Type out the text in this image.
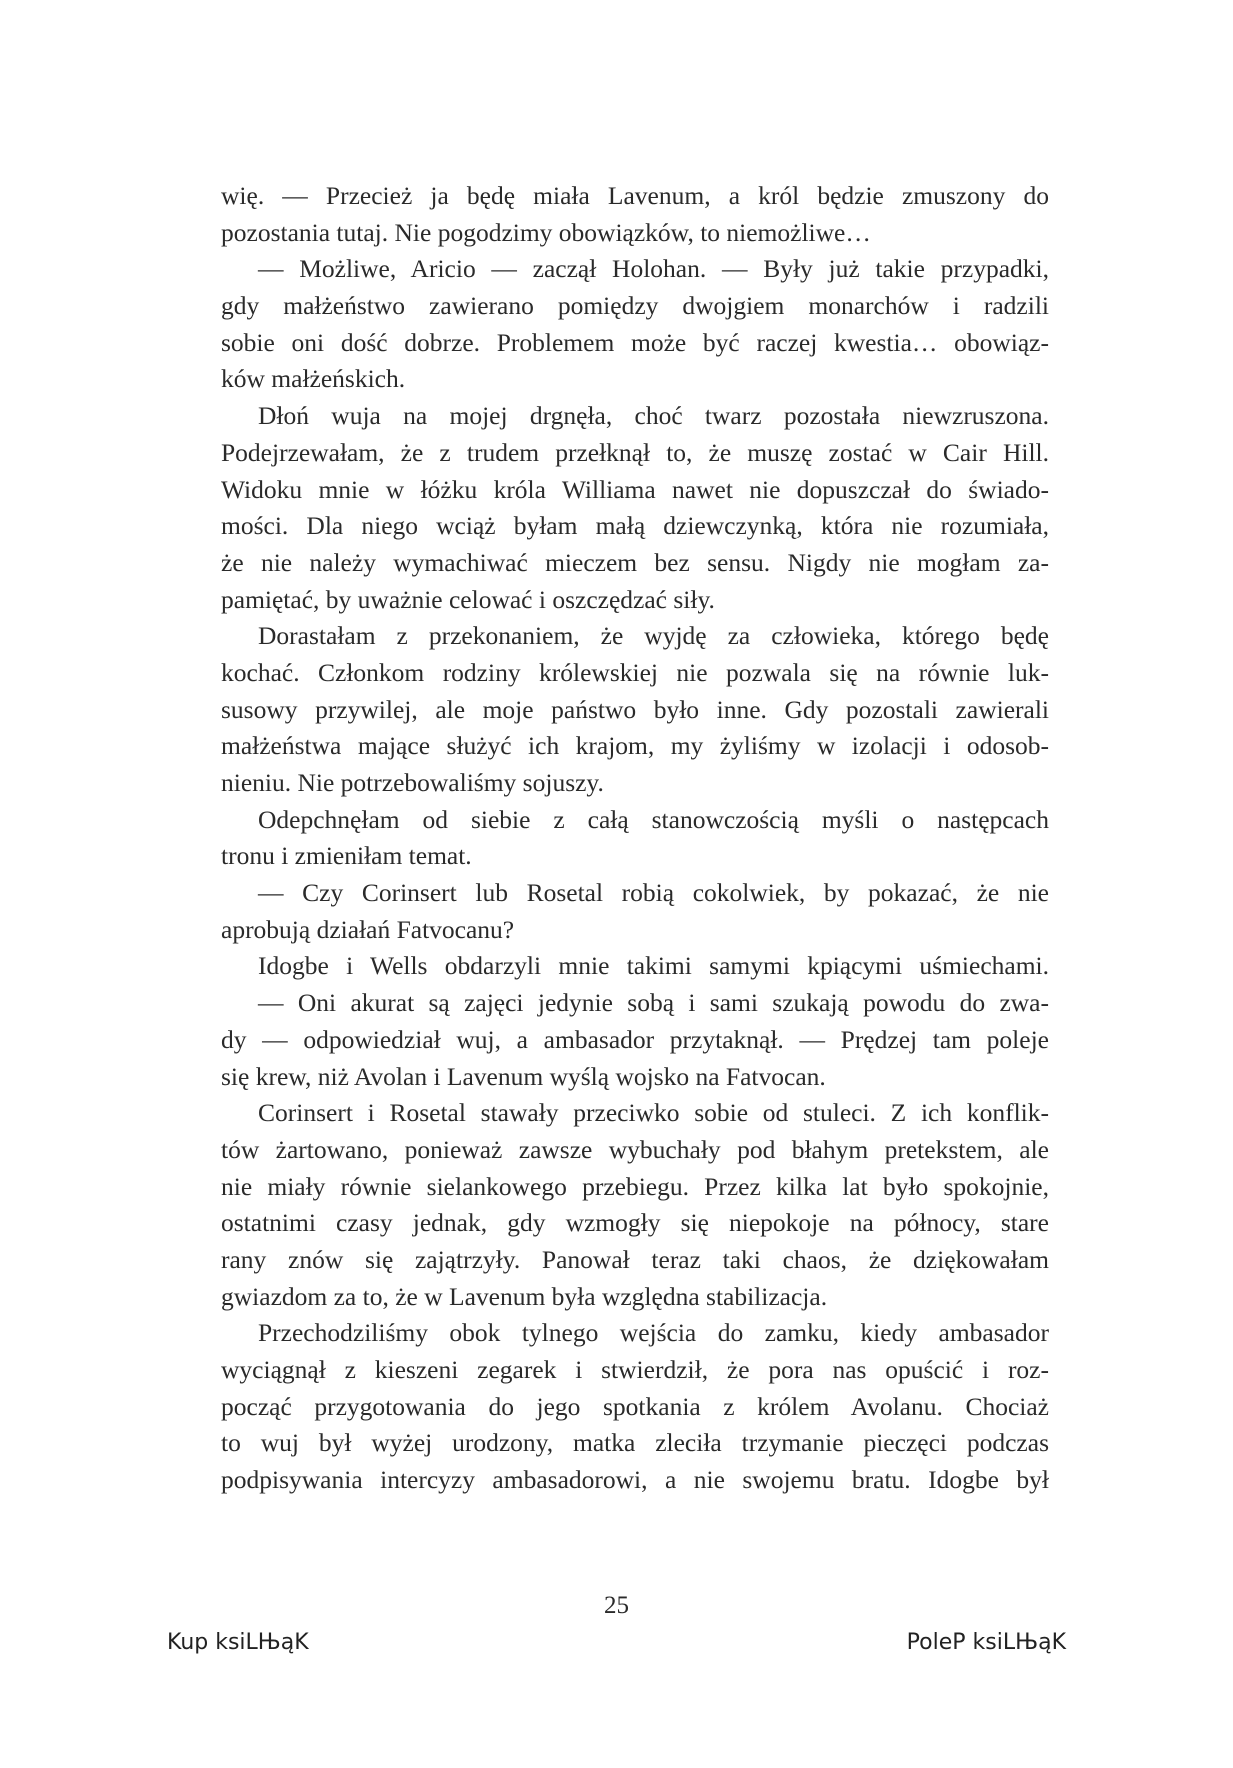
wię. — Przecież ja będę miała Lavenum, a król będzie zmuszony do
pozostania tutaj. Nie pogodzimy obowiązków, to niemożliwe…
— Możliwe, Aricio — zaczął Holohan. — Były już takie przypadki,
gdy małżeństwo zawierano pomiędzy dwojgiem monarchów i radzili
sobie oni dość dobrze. Problemem może być raczej kwestia… obowiąz-
ków małżeńskich.
Dłoń wuja na mojej drgnęła, choć twarz pozostała niewzruszona.
Podejrzewałam, że z trudem przełknął to, że muszę zostać w Cair Hill.
Widoku mnie w łóżku króla Williama nawet nie dopuszczał do świado-
mości. Dla niego wciąż byłam małą dziewczynką, która nie rozumiała,
że nie należy wymachiwać mieczem bez sensu. Nigdy nie mogłam za-
pamiętać, by uważnie celować i oszczędzać siły.
Dorastałam z przekonaniem, że wyjdę za człowieka, którego będę
kochać. Członkom rodziny królewskiej nie pozwala się na równie luk-
susowy przywilej, ale moje państwo było inne. Gdy pozostali zawierali
małżeństwa mające służyć ich krajom, my żyliśmy w izolacji i odosob-
nieniu. Nie potrzebowaliśmy sojuszy.
Odepchnęłam od siebie z całą stanowczością myśli o następcach
tronu i zmieniłam temat.
— Czy Corinsert lub Rosetal robią cokolwiek, by pokazać, że nie
aprobują działań Fatvocanu?
Idogbe i Wells obdarzyli mnie takimi samymi kpiącymi uśmiechami.
— Oni akurat są zajęci jedynie sobą i sami szukają powodu do zwa-
dy — odpowiedział wuj, a ambasador przytaknął. — Prędzej tam poleje
się krew, niż Avolan i Lavenum wyślą wojsko na Fatvocan.
Corinsert i Rosetal stawały przeciwko sobie od stuleci. Z ich konflik-
tów żartowano, ponieważ zawsze wybuchały pod błahym pretekstem, ale
nie miały równie sielankowego przebiegu. Przez kilka lat było spokojnie,
ostatnimi czasy jednak, gdy wzmogły się niepokoje na północy, stare
rany znów się zajątrzyły. Panował teraz taki chaos, że dziękowałam
gwiazdom za to, że w Lavenum była względna stabilizacja.
Przechodziliśmy obok tylnego wejścia do zamku, kiedy ambasador
wyciągnął z kieszeni zegarek i stwierdził, że pora nas opuścić i roz-
począć przygotowania do jego spotkania z królem Avolanu. Chociaż
to wuj był wyżej urodzony, matka zleciła trzymanie pieczęci podczas
podpisywania intercyzy ambasadorowi, a nie swojemu bratu. Idogbe był
25
Kup ksiLЊąK	PoleP ksiLЊąK
